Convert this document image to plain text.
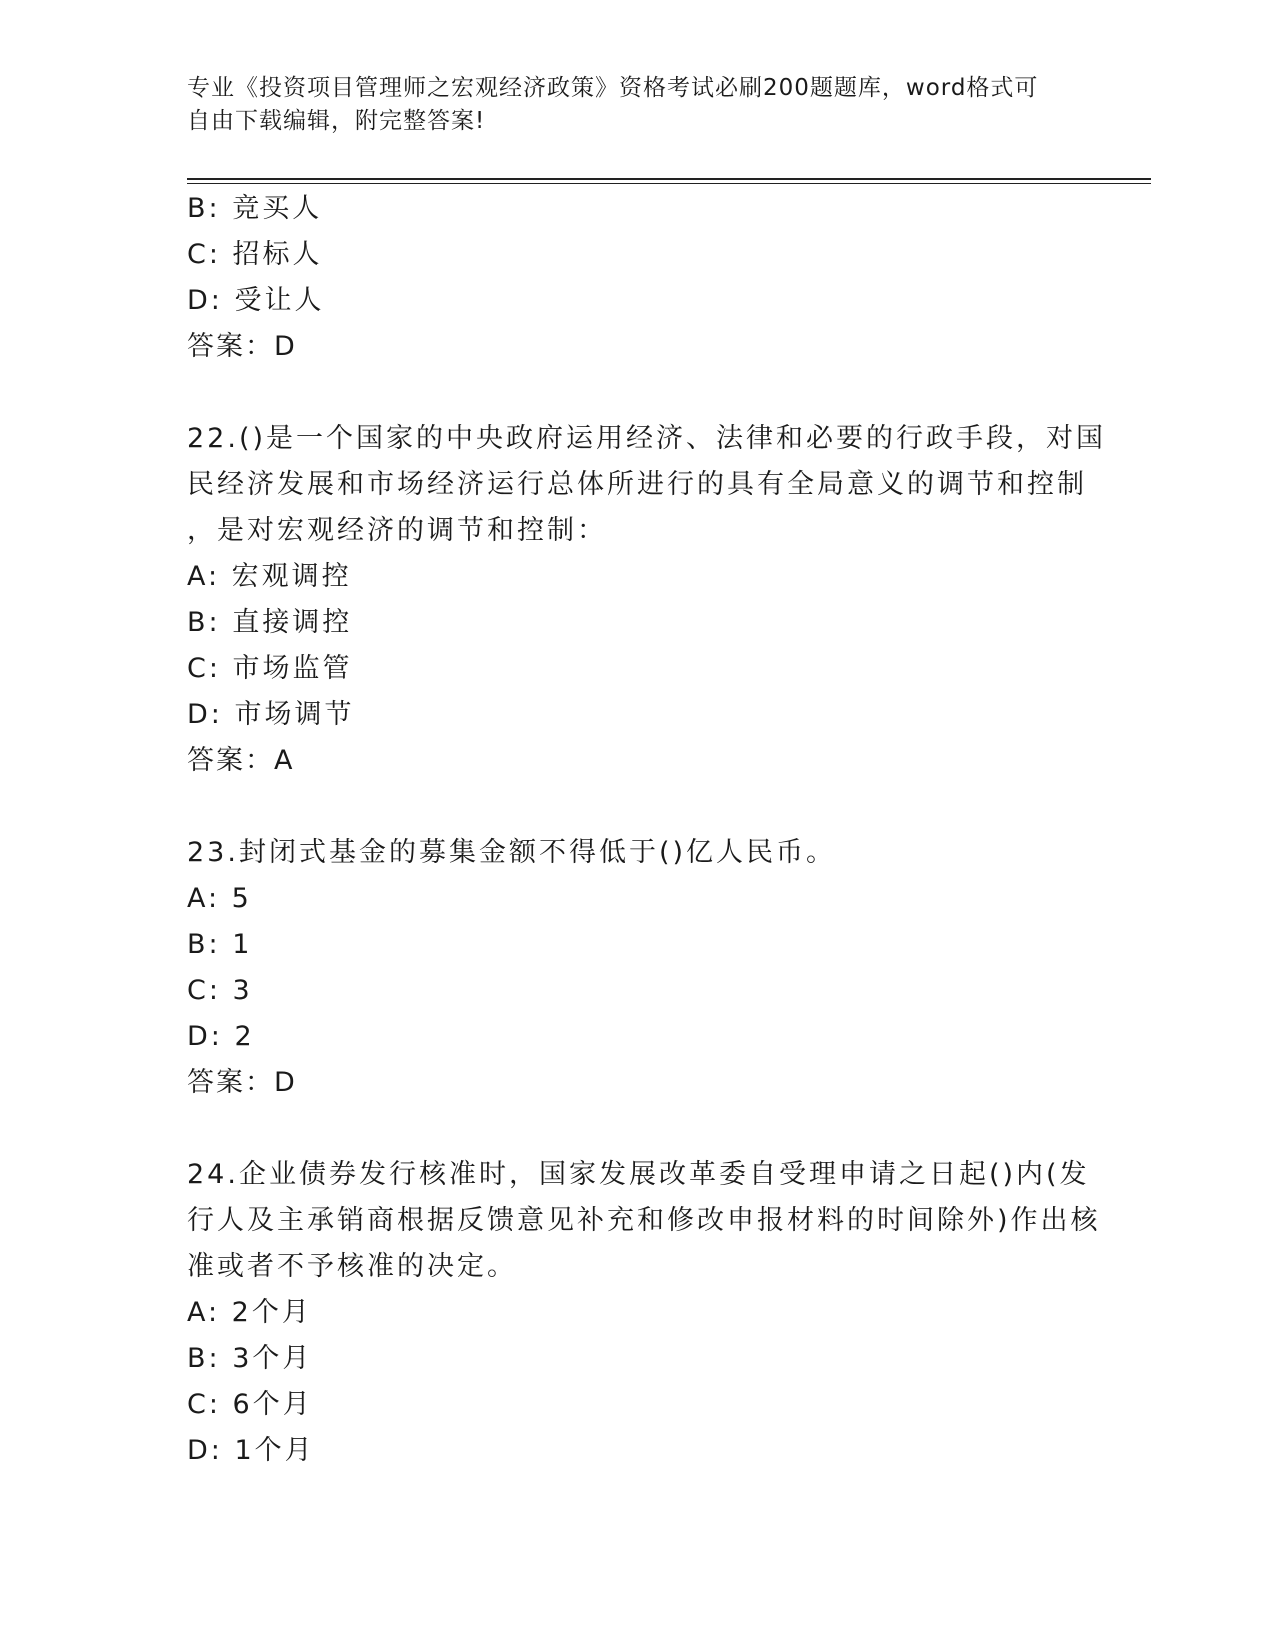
专业《投资项目管理师之宏观经济政策》资格考试必刷200题题库，word格式可
自由下载编辑，附完整答案!
B: 竞买人
C: 招标人
D: 受让人
答案：D
22.()是一个国家的中央政府运用经济、法律和必要的行政手段，对国
民经济发展和市场经济运行总体所进行的具有全局意义的调节和控制
，是对宏观经济的调节和控制：
A: 宏观调控
B: 直接调控
C: 市场监管
D: 市场调节
答案：A
23.封闭式基金的募集金额不得低于()亿人民币。
A: 5
B: 1
C: 3
D: 2
答案：D
24.企业债券发行核准时，国家发展改革委自受理申请之日起()内(发
行人及主承销商根据反馈意见补充和修改申报材料的时间除外)作出核
准或者不予核准的决定。
A: 2个月
B: 3个月
C: 6个月
D: 1个月
